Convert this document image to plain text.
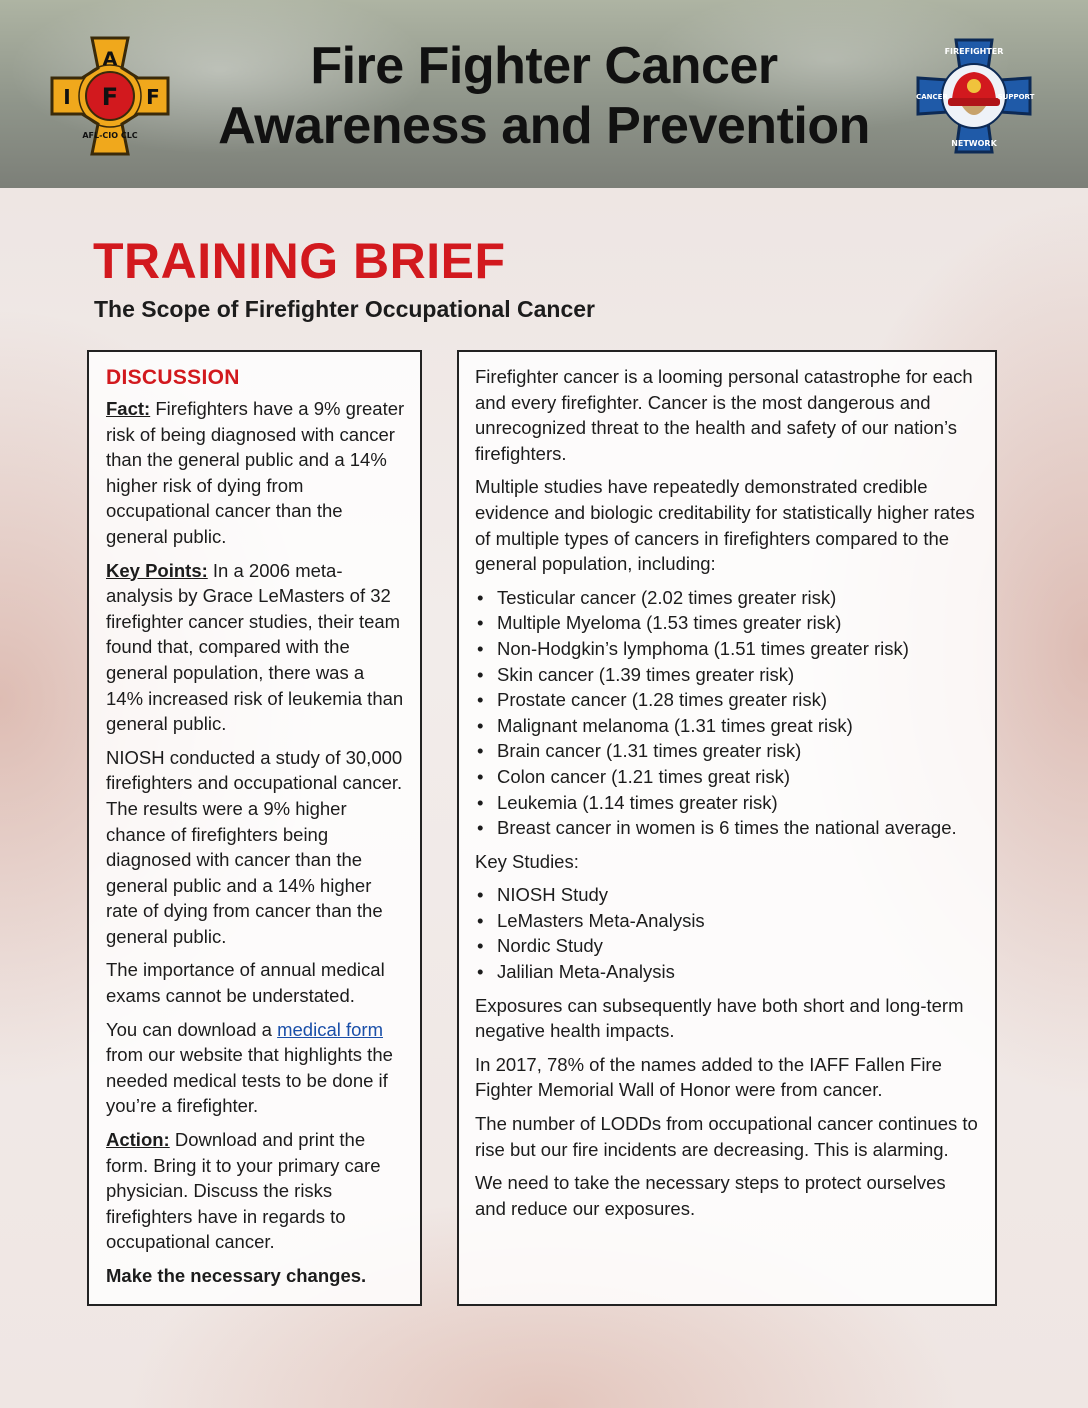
A
I F F
AFL-CIO CLC
Fire Fighter Cancer
Awareness and Prevention
FIREFIGHTER
NETWORK
SUPPORT
CANCER
TRAINING BRIEF
The Scope of Firefighter Occupational Cancer
DISCUSSION

Fact: Firefighters have a 9% greater risk of being diagnosed with cancer than the general public and a 14% higher risk of dying from occupational cancer than the general public.

Key Points: In a 2006 meta-analysis by Grace LeMasters of 32 firefighter cancer studies, their team found that, compared with the general population, there was a 14% increased risk of leukemia than general public.

NIOSH conducted a study of 30,000 firefighters and occupational cancer. The results were a 9% higher chance of firefighters being diagnosed with cancer than the general public and a 14% higher rate of dying from cancer than the general public.

The importance of annual medical exams cannot be understated.

You can download a medical form from our website that highlights the needed medical tests to be done if you’re a firefighter.

Action: Download and print the form. Bring it to your primary care physician. Discuss the risks firefighters have in regards to occupational cancer.

Make the necessary changes.

Firefighter cancer is a looming personal catastrophe for each and every firefighter. Cancer is the most dangerous and unrecognized threat to the health and safety of our nation’s firefighters.

Multiple studies have repeatedly demonstrated credible evidence and biologic creditability for statistically higher rates of multiple types of cancers in firefighters compared to the general population, including:

• Testicular cancer (2.02 times greater risk)
• Multiple Myeloma (1.53 times greater risk)
• Non-Hodgkin’s lymphoma (1.51 times greater risk)
• Skin cancer (1.39 times greater risk)
• Prostate cancer (1.28 times greater risk)
• Malignant melanoma (1.31 times great risk)
• Brain cancer (1.31 times greater risk)
• Colon cancer (1.21 times great risk)
• Leukemia (1.14 times greater risk)
• Breast cancer in women is 6 times the national average.

Key Studies:

• NIOSH Study
• LeMasters Meta-Analysis
• Nordic Study
• Jalilian Meta-Analysis

Exposures can subsequently have both short and long-term negative health impacts.

In 2017, 78% of the names added to the IAFF Fallen Fire Fighter Memorial Wall of Honor were from cancer.

The number of LODDs from occupational cancer continues to rise but our fire incidents are decreasing. This is alarming.

We need to take the necessary steps to protect ourselves and reduce our exposures.
